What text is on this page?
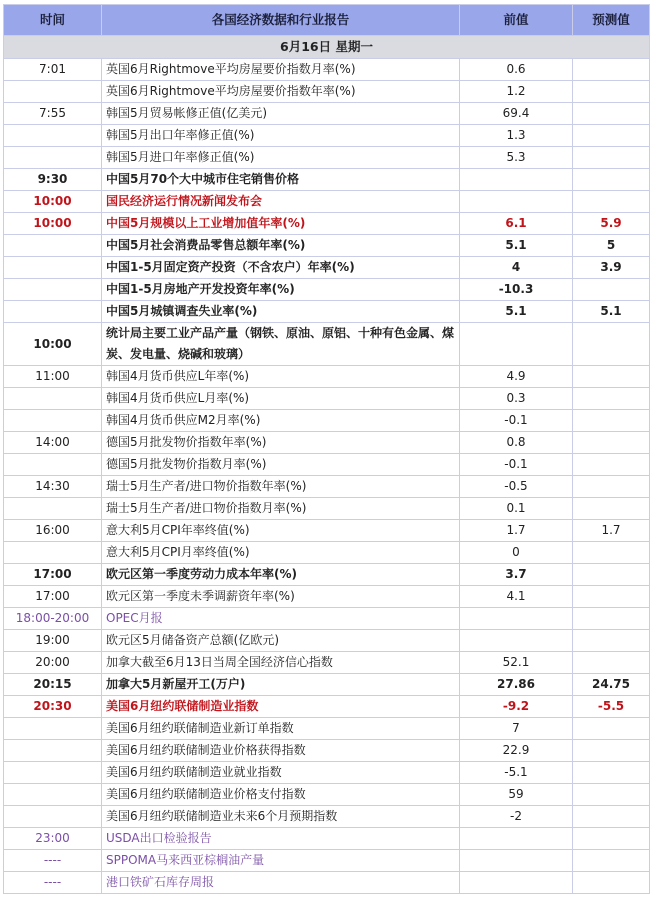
时间	各国经济数据和行业报告	前值	预测值
6月16日 星期一			
7:01	英国6月Rightmove平均房屋要价指数月率(%)	0.6	
	英国6月Rightmove平均房屋要价指数年率(%)	1.2	
7:55	韩国5月贸易帐修正值(亿美元)	69.4	
	韩国5月出口年率修正值(%)	1.3	
	韩国5月进口年率修正值(%)	5.3	
9:30	中国5月70个大中城市住宅销售价格		
10:00	国民经济运行情况新闻发布会		
10:00	中国5月规模以上工业增加值年率(%)	6.1	5.9
	中国5月社会消费品零售总额年率(%)	5.1	5
	中国1-5月固定资产投资（不含农户）年率(%)	4	3.9
	中国1-5月房地产开发投资年率(%)	-10.3	
	中国5月城镇调查失业率(%)	5.1	5.1
10:00	统计局主要工业产品产量（钢铁、原油、原铝、十种有色金属、煤炭、发电量、烧碱和玻璃）		
11:00	韩国4月货币供应L年率(%)	4.9	
	韩国4月货币供应L月率(%)	0.3	
	韩国4月货币供应M2月率(%)	-0.1	
14:00	德国5月批发物价指数年率(%)	0.8	
	德国5月批发物价指数月率(%)	-0.1	
14:30	瑞士5月生产者/进口物价指数年率(%)	-0.5	
	瑞士5月生产者/进口物价指数月率(%)	0.1	
16:00	意大利5月CPI年率终值(%)	1.7	1.7
	意大利5月CPI月率终值(%)	0	
17:00	欧元区第一季度劳动力成本年率(%)	3.7	
17:00	欧元区第一季度未季调薪资年率(%)	4.1	
18:00-20:00	OPEC月报		
19:00	欧元区5月储备资产总额(亿欧元)		
20:00	加拿大截至6月13日当周全国经济信心指数	52.1	
20:15	加拿大5月新屋开工(万户)	27.86	24.75
20:30	美国6月纽约联储制造业指数	-9.2	-5.5
	美国6月纽约联储制造业新订单指数	7	
	美国6月纽约联储制造业价格获得指数	22.9	
	美国6月纽约联储制造业就业指数	-5.1	
	美国6月纽约联储制造业价格支付指数	59	
	美国6月纽约联储制造业未来6个月预期指数	-2	
23:00	USDA出口检验报告		
----	SPPOMA马来西亚棕榈油产量		
----	港口铁矿石库存周报		
